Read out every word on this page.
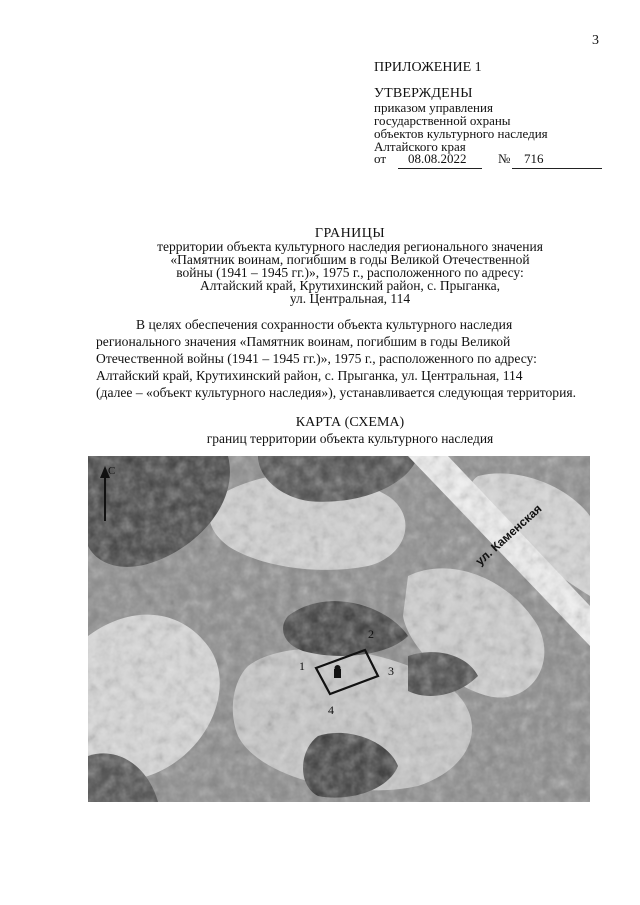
3
ПРИЛОЖЕНИЕ 1
УТВЕРЖДЕНЫ
приказом управления
государственной охраны
объектов культурного наследия
Алтайского края
от 08.08.2022 № 716
ГРАНИЦЫ
территории объекта культурного наследия регионального значения
«Памятник воинам, погибшим в годы Великой Отечественной
войны (1941 – 1945 гг.)», 1975 г., расположенного по адресу:
Алтайский край, Крутихинский район, с. Прыганка,
ул. Центральная, 114
В целях обеспечения сохранности объекта культурного наследия
регионального значения «Памятник воинам, погибшим в годы Великой
Отечественной войны (1941 – 1945 гг.)», 1975 г., расположенного по адресу:
Алтайский край, Крутихинский район, с. Прыганка, ул. Центральная, 114
(далее – «объект культурного наследия»), устанавливается следующая территория.
КАРТА (СХЕМА)
границ территории объекта культурного наследия
С
ул. Каменская
1
2
3
4
